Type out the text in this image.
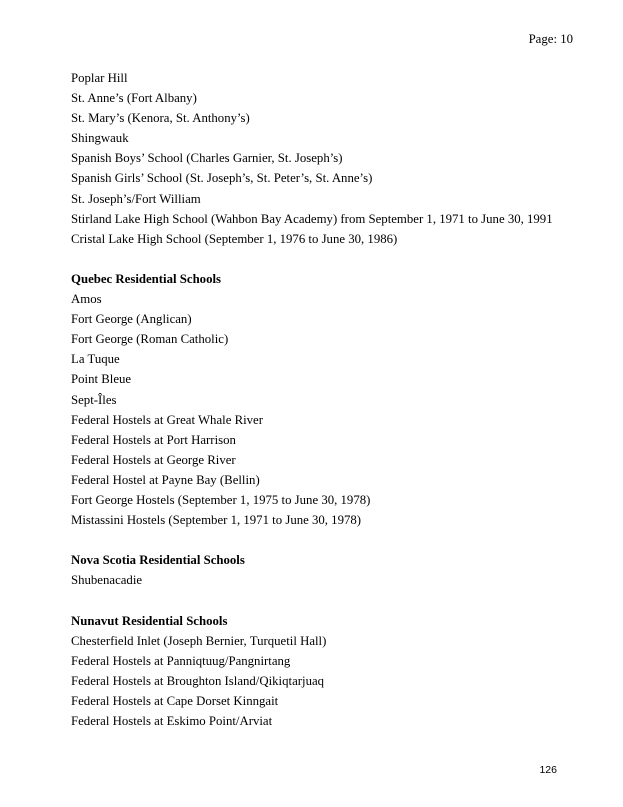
Page: 10
Poplar Hill
St. Anne’s (Fort Albany)
St. Mary’s (Kenora, St. Anthony’s)
Shingwauk
Spanish Boys’ School (Charles Garnier, St. Joseph’s)
Spanish Girls’ School (St. Joseph’s, St. Peter’s, St. Anne’s)
St. Joseph’s/Fort William
Stirland Lake High School (Wahbon Bay Academy) from September 1, 1971 to June 30, 1991
Cristal Lake High School (September 1, 1976 to June 30, 1986)

Quebec Residential Schools
Amos
Fort George (Anglican)
Fort George (Roman Catholic)
La Tuque
Point Bleue
Sept-Îles
Federal Hostels at Great Whale River
Federal Hostels at Port Harrison
Federal Hostels at George River
Federal Hostel at Payne Bay (Bellin)
Fort George Hostels (September 1, 1975 to June 30, 1978)
Mistassini Hostels (September 1, 1971 to June 30, 1978)

Nova Scotia Residential Schools
Shubenacadie

Nunavut Residential Schools
Chesterfield Inlet (Joseph Bernier, Turquetil Hall)
Federal Hostels at Panniqtuug/Pangnirtang
Federal Hostels at Broughton Island/Qikiqtarjuaq
Federal Hostels at Cape Dorset Kinngait
Federal Hostels at Eskimo Point/Arviat
126
